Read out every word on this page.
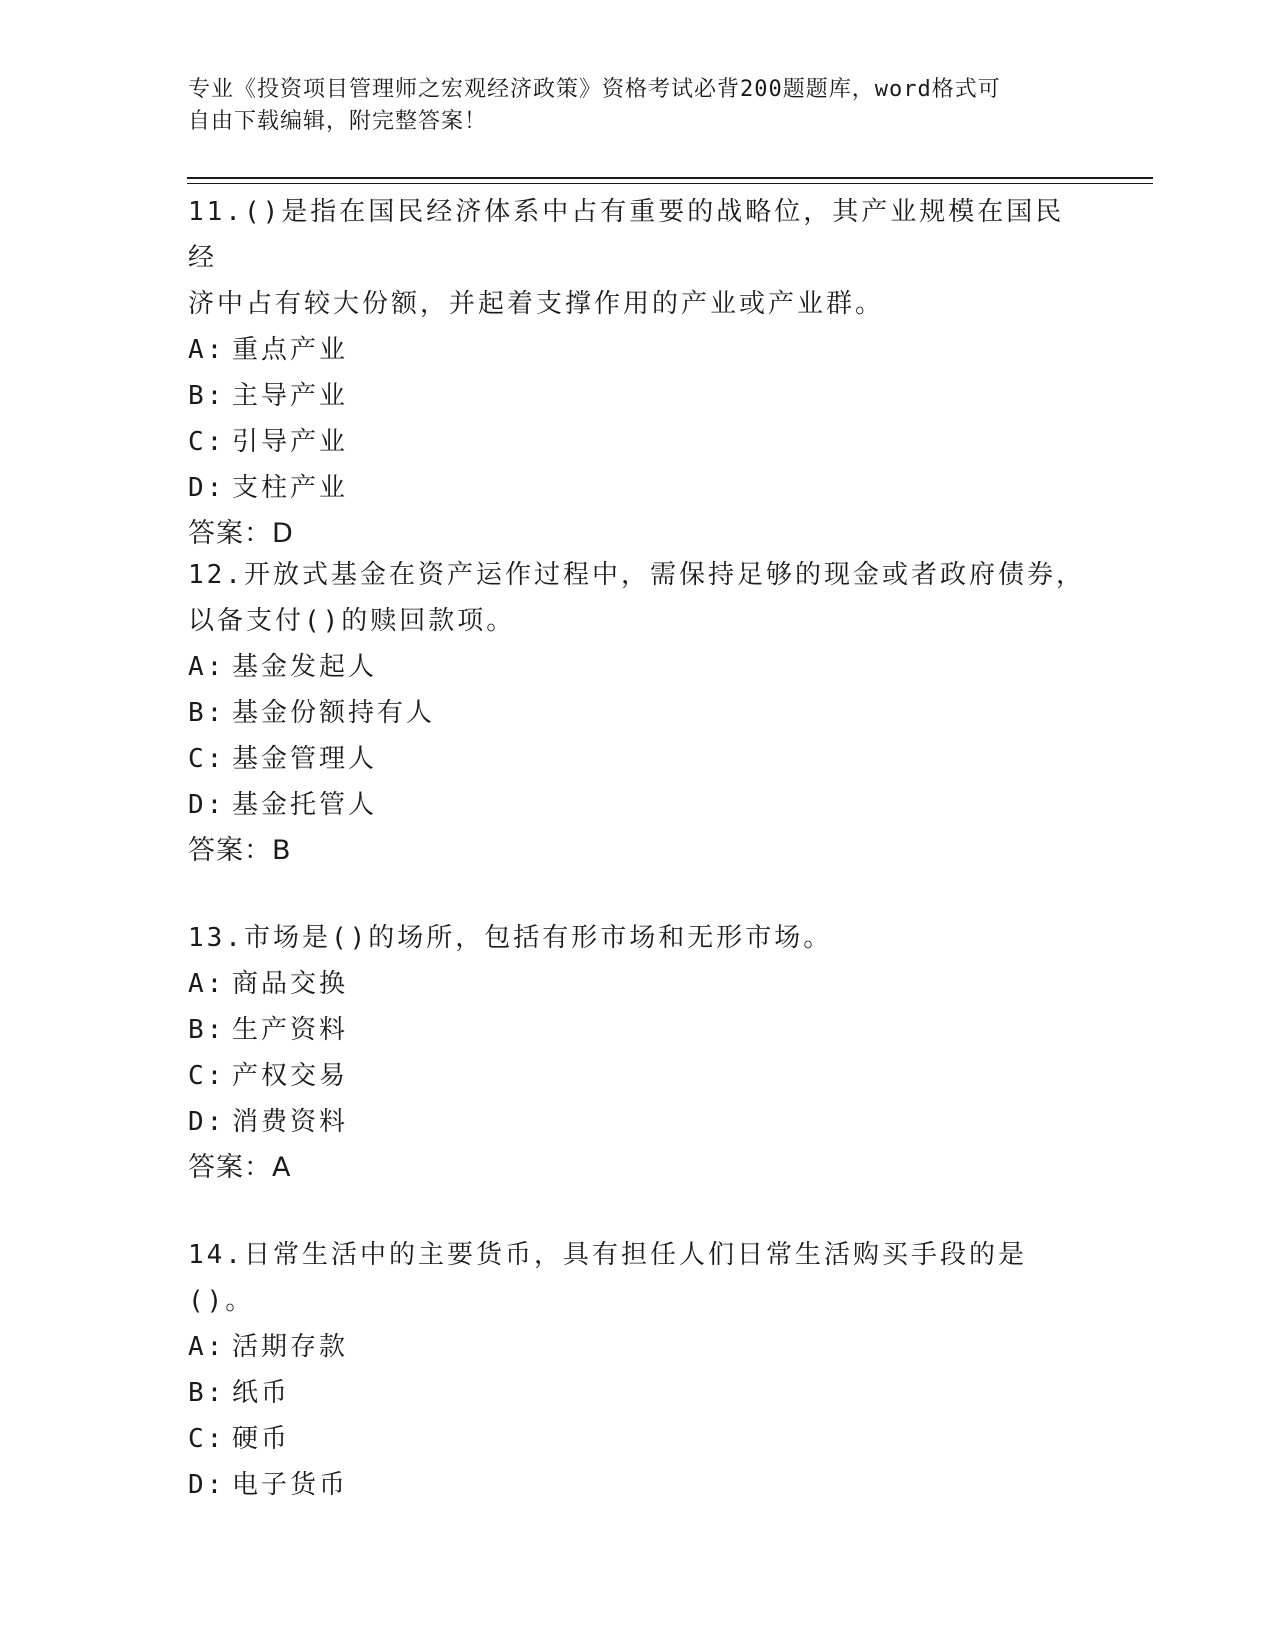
专业《投资项目管理师之宏观经济政策》资格考试必背200题题库，word格式可

自由下载编辑，附完整答案！

11.()是指在国民经济体系中占有重要的战略位，其产业规模在国民经

济中占有较大份额，并起着支撑作用的产业或产业群。

A: 重点产业

B: 主导产业

C: 引导产业

D: 支柱产业

答案：D

12.开放式基金在资产运作过程中，需保持足够的现金或者政府债券，

以备支付()的赎回款项。

A: 基金发起人

B: 基金份额持有人

C: 基金管理人

D: 基金托管人

答案：B

13.市场是()的场所，包括有形市场和无形市场。

A: 商品交换

B: 生产资料

C: 产权交易

D: 消费资料

答案：A

14.日常生活中的主要货币，具有担任人们日常生活购买手段的是()。

A: 活期存款

B: 纸币

C: 硬币

D: 电子货币
